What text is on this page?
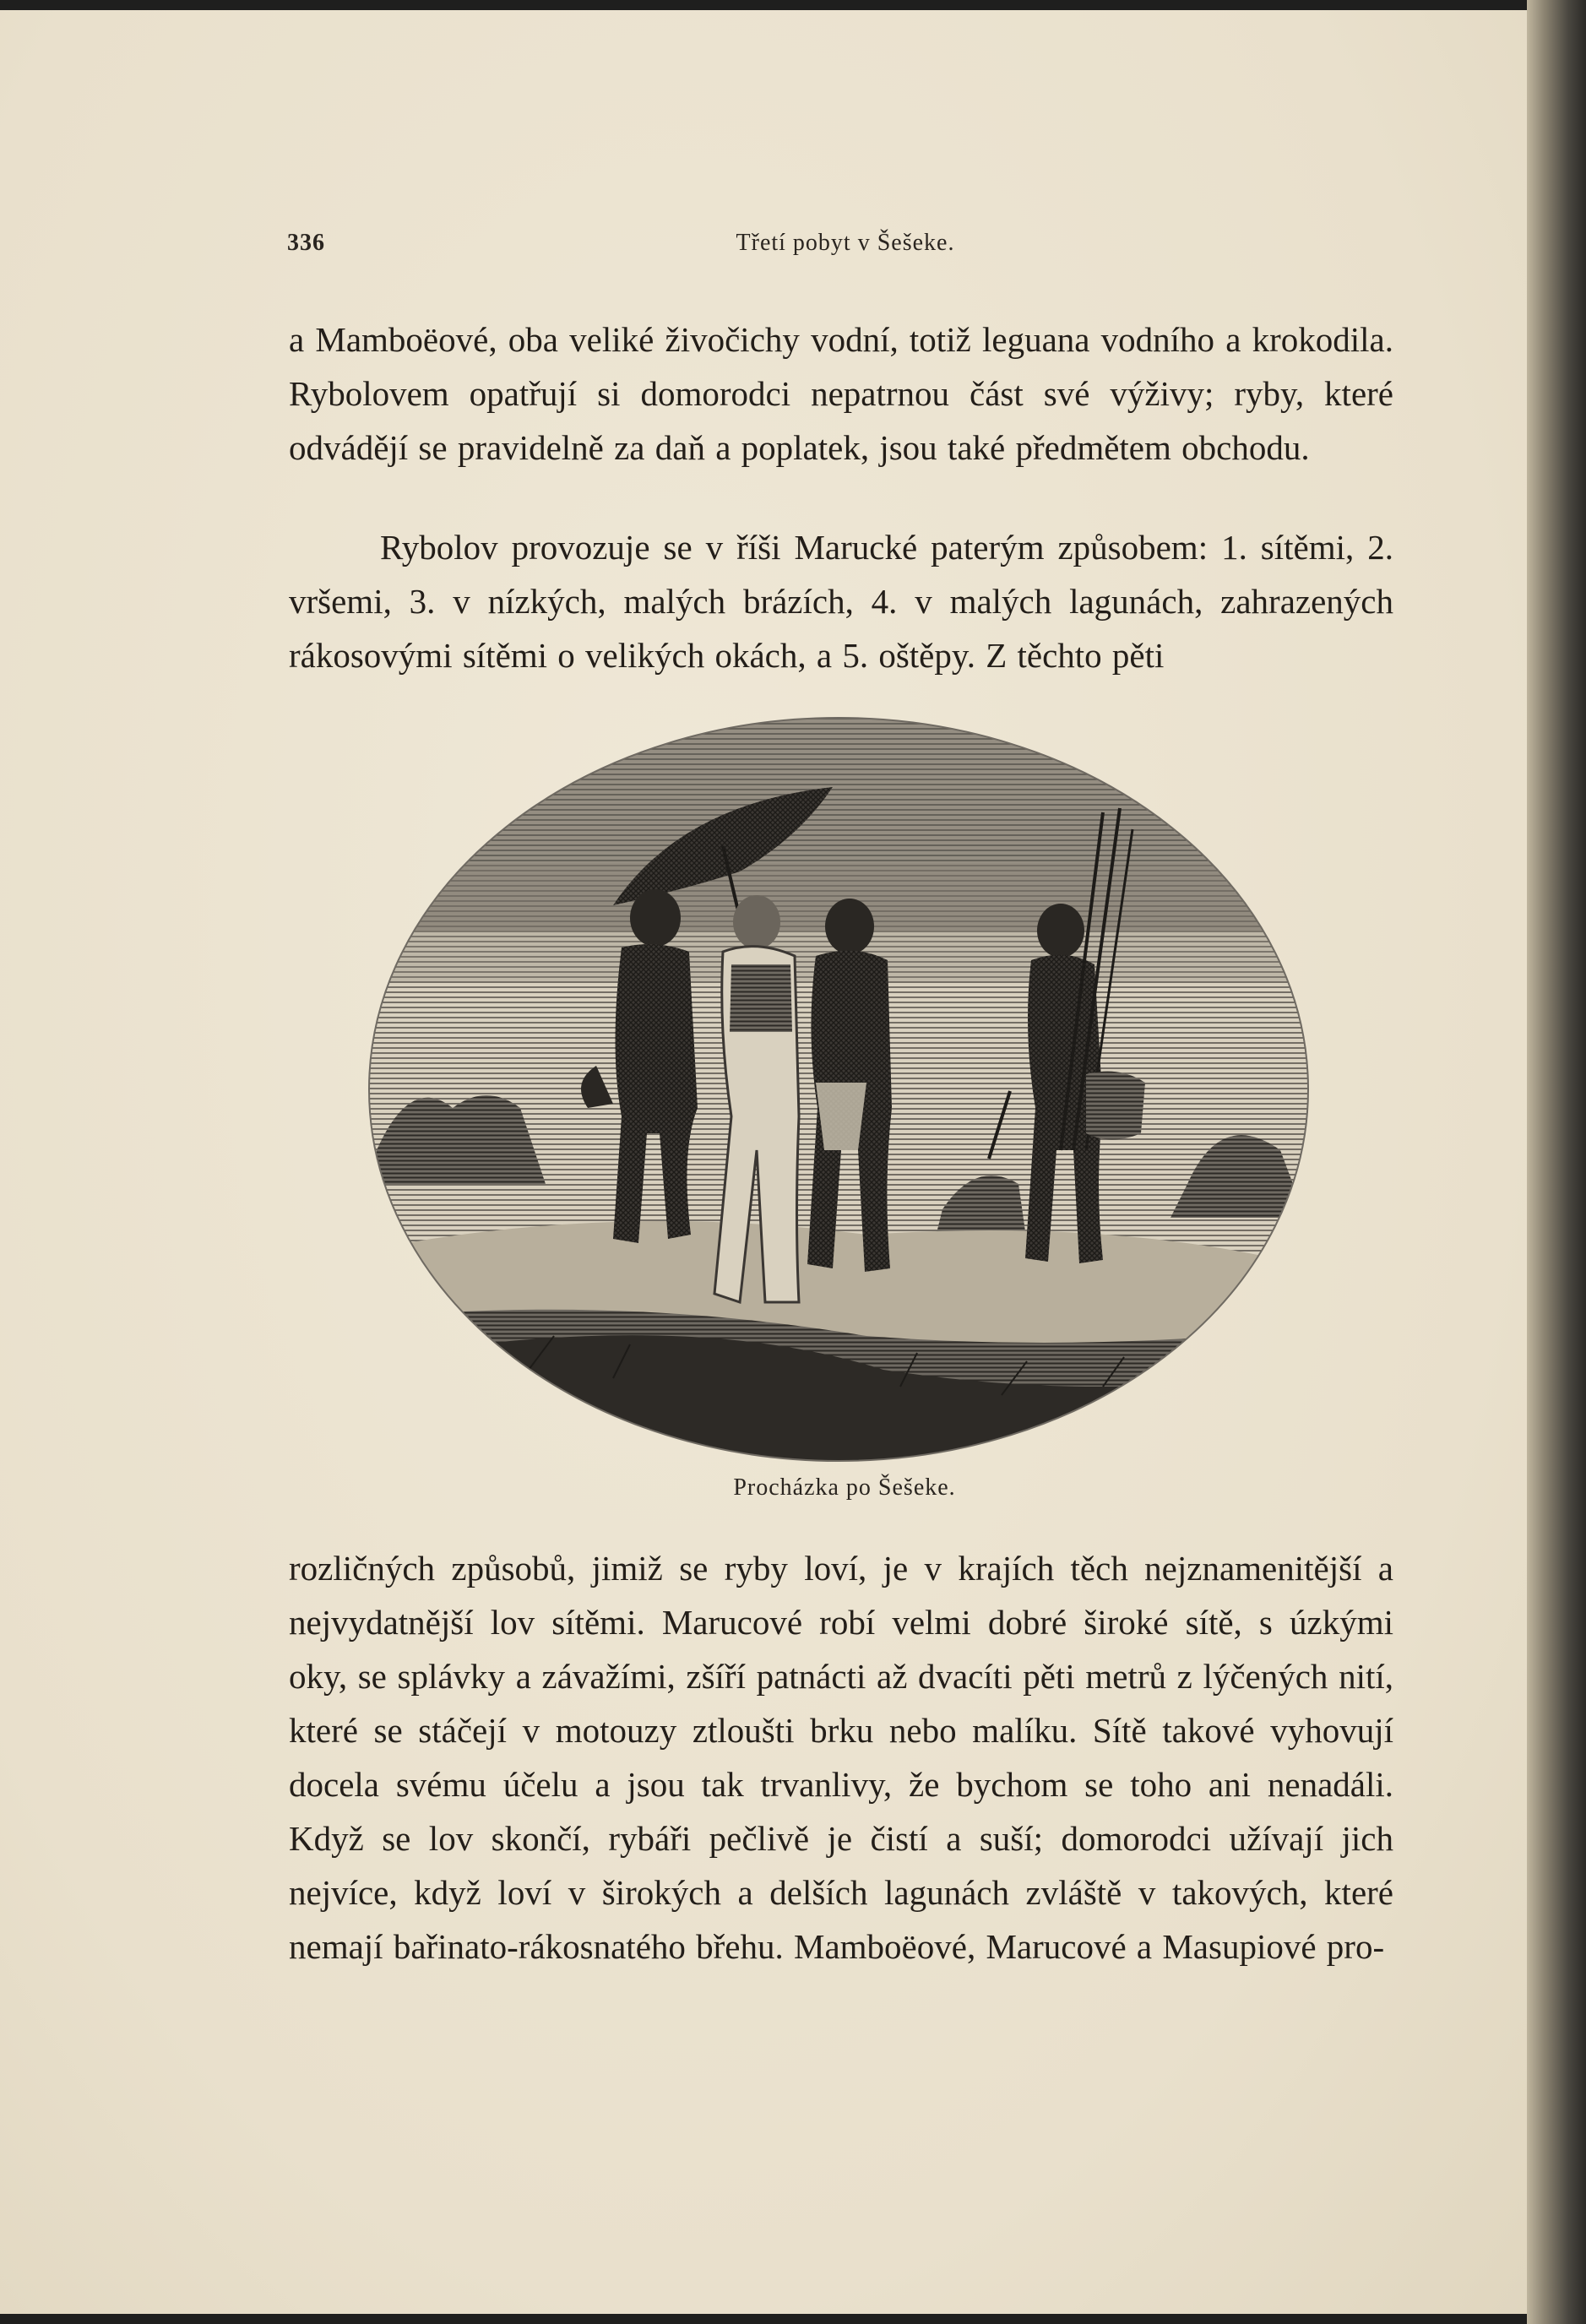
336	Třetí pobyt v Šešeke.

a Mamboëové, oba veliké živočichy vodní, totiž leguana vodního a krokodila. Rybolovem opatřují si domorodci nepatrnou část své výživy; ryby, které odvádějí se pravidelně za daň a poplatek, jsou také předmětem obchodu.

Rybolov provozuje se v říši Marucké paterým způsobem: 1. sítěmi, 2. vršemi, 3. v nízkých, malých brázích, 4. v malých lagunách, zahrazených rákosovými sítěmi o velikých okách, a 5. oštěpy. Z těchto pěti

Procházka po Šešeke.

rozličných způsobů, jimiž se ryby loví, je v krajích těch nejznamenitější a nejvydatnější lov sítěmi. Marucové robí velmi dobré široké sítě, s úzkými oky, se splávky a závažími, zšíří patnácti až dvacíti pěti metrů z lýčených nití, které se stáčejí v motouzy ztloušti brku nebo malíku. Sítě takové vyhovují docela svému účelu a jsou tak trvanlivy, že bychom se toho ani nenadáli. Když se lov skončí, rybáři pečlivě je čistí a suší; domorodci užívají jich nejvíce, když loví v širokých a delších lagunách zvláště v takových, které nemají bařinato-rákosnatého břehu. Mamboëové, Marucové a Masupiové pro-
